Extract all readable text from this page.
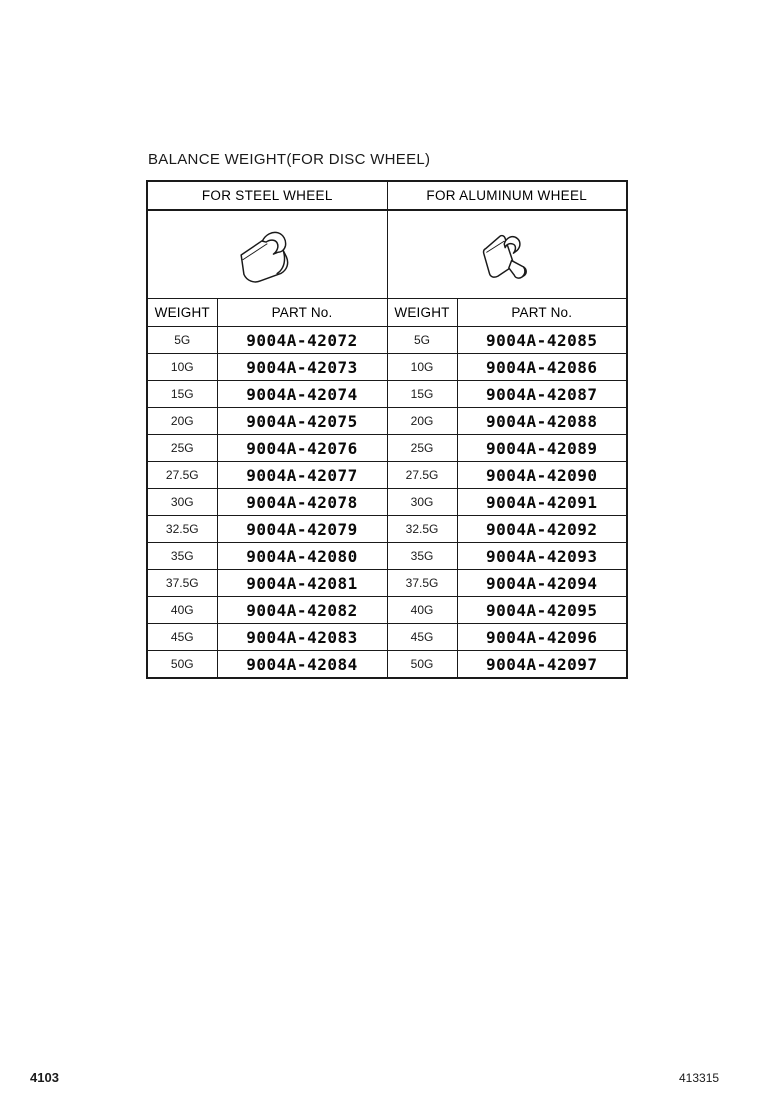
BALANCE WEIGHT(FOR DISC WHEEL)
FOR STEEL WHEEL		FOR ALUMINUM WHEEL	

WEIGHT	PART No.	WEIGHT	PART No.
5G	9004A-42072	5G	9004A-42085
10G	9004A-42073	10G	9004A-42086
15G	9004A-42074	15G	9004A-42087
20G	9004A-42075	20G	9004A-42088
25G	9004A-42076	25G	9004A-42089
27.5G	9004A-42077	27.5G	9004A-42090
30G	9004A-42078	30G	9004A-42091
32.5G	9004A-42079	32.5G	9004A-42092
35G	9004A-42080	35G	9004A-42093
37.5G	9004A-42081	37.5G	9004A-42094
40G	9004A-42082	40G	9004A-42095
45G	9004A-42083	45G	9004A-42096
50G	9004A-42084	50G	9004A-42097
4103	413315
